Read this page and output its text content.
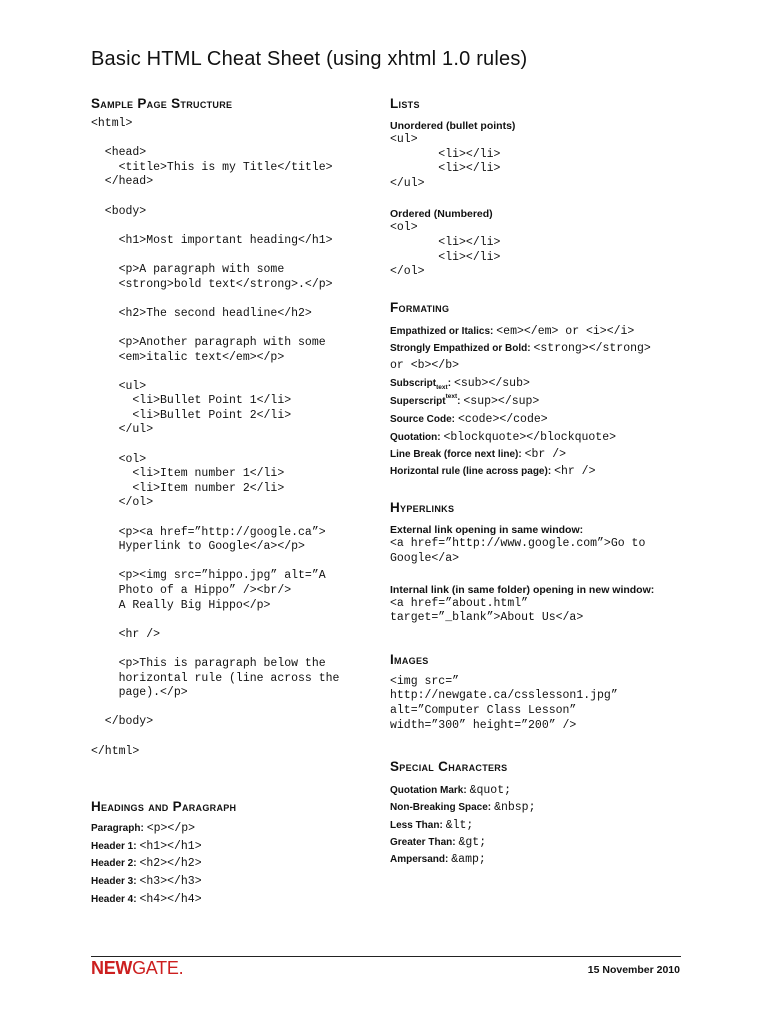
Basic HTML Cheat Sheet (using xhtml 1.0 rules)
Sample Page Structure
<html>

<head>
<title>This is my Title</title>
</head>

<body>

<h1>Most important heading</h1>

<p>A paragraph with some
<strong>bold text</strong>.</p>

<h2>The second headline</h2>

<p>Another paragraph with some
<em>italic text</em></p>

<ul>
<li>Bullet Point 1</li>
<li>Bullet Point 2</li>
</ul>

<ol>
<li>Item number 1</li>
<li>Item number 2</li>
</ol>

<p><a href=”http://google.ca”>
Hyperlink to Google</a></p>

<p><img src=”hippo.jpg” alt=”A
Photo of a Hippo” /><br/>
A Really Big Hippo</p>

<hr />

<p>This is paragraph below the
horizontal rule (line across the
page).</p>

</body>

</html>
Headings and Paragraph
Paragraph: <p></p>
Header 1: <h1></h1>
Header 2: <h2></h2>
Header 3: <h3></h3>
Header 4: <h4></h4>
Lists
Unordered (bullet points)
<ul>
<li></li>
<li></li>
</ul>
Ordered (Numbered)
<ol>
<li></li>
<li></li>
</ol>
Formating
Empathized or Italics: <em></em> or <i></i>
Strongly Empathized or Bold: <strong></strong>
or <b></b>
Subscript$_{text}$: <sub></sub>
Superscript$^{text}$: <sup></sup>
Source Code: <code></code>
Quotation: <blockquote></blockquote>
Line Break (force next line): <br />
Horizontal rule (line across page): <hr />
Hyperlinks
External link opening in same window:
<a href=”http://www.google.com”>Go to
Google</a>
Internal link (in same folder) opening in new window:
<a href=”about.html”
target=”_blank”>About Us</a>
Images
<img src=”
http://newgate.ca/csslesson1.jpg”
alt=”Computer Class Lesson”
width=”300” height=”200” />
Special Characters
Quotation Mark: &quot;
Non-Breaking Space: &nbsp;
Less Than: &lt;
Greater Than: &gt;
Ampersand: &amp;
NEWGATE.	15 November 2010
